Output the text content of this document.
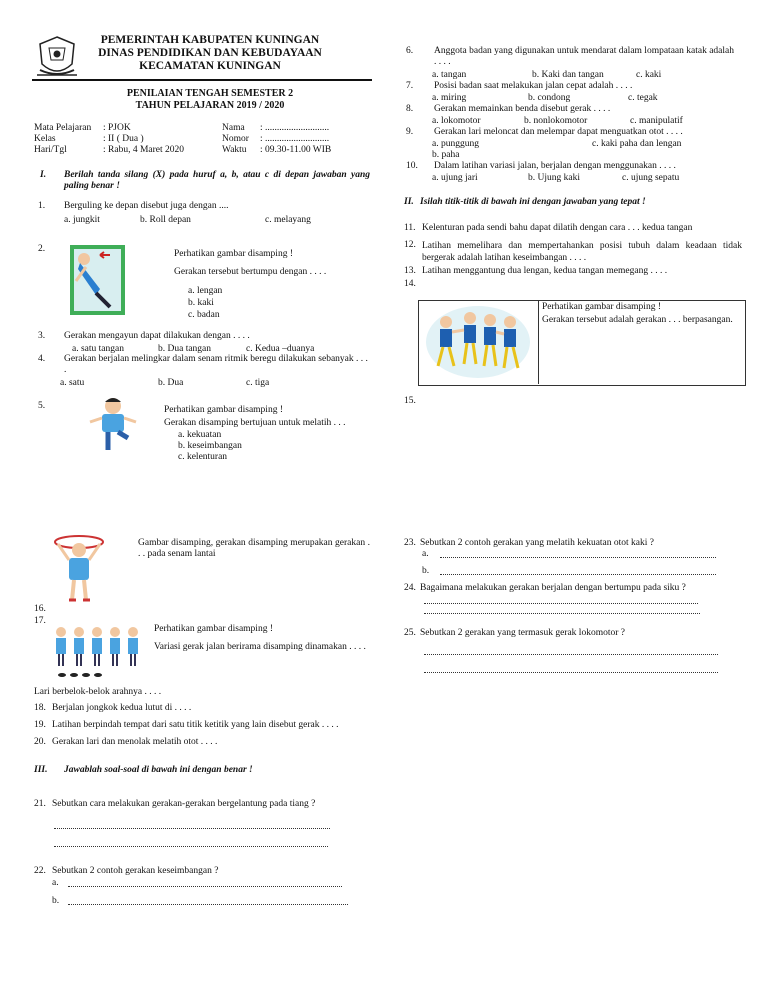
PEMERINTAH KABUPATEN KUNINGAN
DINAS PENDIDIKAN DAN KEBUDAYAAN
KECAMATAN KUNINGAN
PENILAIAN TENGAH SEMESTER 2
TAHUN PELAJARAN 2019 / 2020
Mata Pelajaran : PJOK
Kelas	: II ( Dua )
Hari/Tgl	: Rabu, 4 Maret 2020
Nama : ...........................
Nomor : ...........................
Waktu : 09.30-11.00 WIB
I. Berilah tanda silang (X) pada huruf a, b, atau c di depan jawaban yang paling benar !
1. Berguling ke depan disebut juga dengan ....
a. jungkit	b. Roll depan	c. melayang
2.	Perhatikan gambar disamping !
Gerakan tersebut bertumpu dengan . . . .
a. lengan
b. kaki
c. badan
3. Gerakan mengayun dapat dilakukan dengan . . . .
a. satu tangan	b. Dua tangan	c. Kedua –duanya
4. Gerakan berjalan melingkar dalam senam ritmik beregu dilakukan sebanyak . . . .
a. satu	b. Dua	c. tiga
5.	Perhatikan gambar disamping !
Gerakan disamping bertujuan untuk melatih . . .
a. kekuatan
b. keseimbangan
c. kelenturan
Gambar disamping, gerakan disamping merupakan gerakan . . . pada senam lantai
16.
17.
Perhatikan gambar disamping !
Variasi gerak jalan berirama disamping dinamakan . . . .
Lari berbelok-belok arahnya . . . .
18. Berjalan jongkok kedua lutut di . . . .
19. Latihan berpindah tempat dari satu titik ketitik yang lain disebut gerak . . . .
20. Gerakan lari dan menolak melatih otot . . . .
III. Jawablah soal-soal di bawah ini dengan benar !
21. Sebutkan cara melakukan gerakan-gerakan bergelantung pada tiang ?
22. Sebutkan 2 contoh gerakan keseimbangan ?
a.
b.
6. Anggota badan yang digunakan untuk mendarat dalam lompataan katak adalah . . . .
a. tangan	b. Kaki dan tangan	c. kaki
7. Posisi badan saat melakukan jalan cepat adalah . . . .
a. miring	b. condong	c. tegak
8. Gerakan memainkan benda disebut gerak . . . .
a. lokomotor	b. nonlokomotor	c. manipulatif
9. Gerakan lari meloncat dan melempar dapat menguatkan otot . . . .
a. punggung	c. kaki paha dan lengan
b. paha
10. Dalam latihan variasi jalan, berjalan dengan menggunakan . . . .
a. ujung jari	b. Ujung kaki	c. ujung sepatu
II. Isilah titik-titik di bawah ini dengan jawaban yang tepat !
11. Kelenturan pada sendi bahu dapat dilatih dengan cara . . . kedua tangan
12. Latihan memelihara dan mempertahankan posisi tubuh dalam keadaan tidak bergerak adalah latihan keseimbangan . . . .
13. Latihan menggantung dua lengan, kedua tangan memegang . . . .
14.
Perhatikan gambar disamping !
Gerakan tersebut adalah gerakan . . . berpasangan.
15.
23. Sebutkan 2 contoh gerakan yang melatih kekuatan otot kaki ?
a.
b.
24. Bagaimana melakukan gerakan berjalan dengan bertumpu pada siku ?
25. Sebutkan 2 gerakan yang termasuk gerak lokomotor ?
